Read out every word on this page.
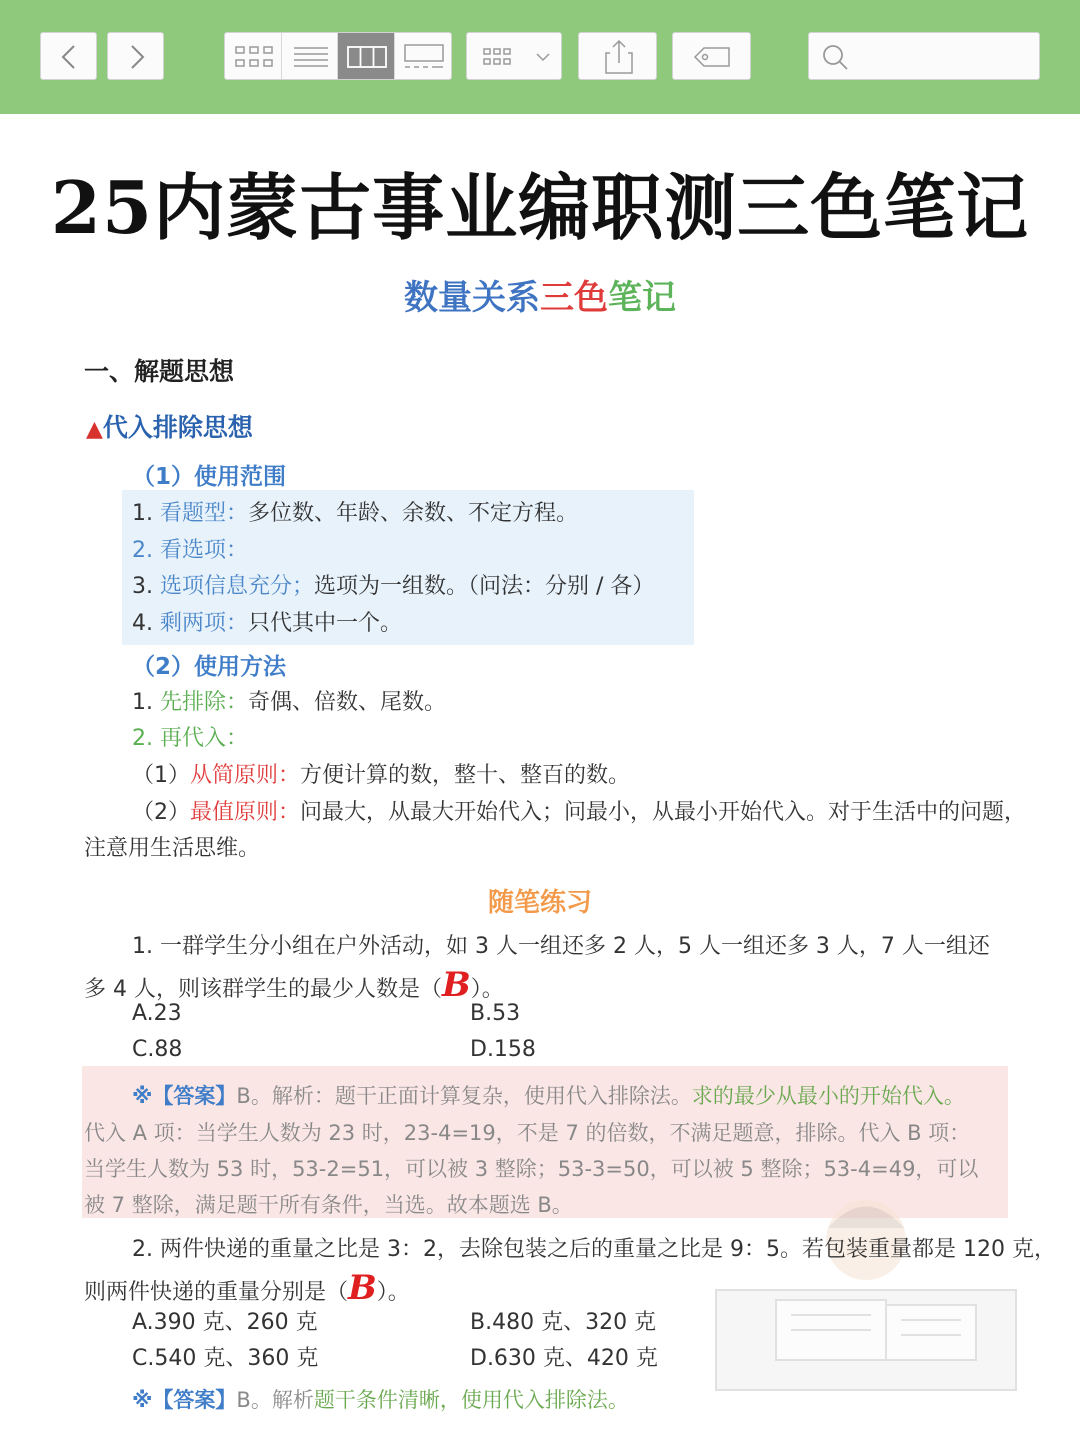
25内蒙古事业编职测三色笔记
数量关系三色笔记
一、解题思想
▲代入排除思想
（1）使用范围
1. 看题型：多位数、年龄、余数、不定方程。
2. 看选项：
3. 选项信息充分；选项为一组数。（问法：分别 / 各）
4. 剩两项：只代其中一个。
（2）使用方法
1. 先排除：奇偶、倍数、尾数。
2. 再代入：
（1）从简原则：方便计算的数，整十、整百的数。
（2）最值原则：问最大，从最大开始代入；问最小，从最小开始代入。对于生活中的问题，
注意用生活思维。
随笔练习
1. 一群学生分小组在户外活动，如 3 人一组还多 2 人，5 人一组还多 3 人，7 人一组还
多 4 人，则该群学生的最少人数是（B）。
A.23	B.53
C.88	D.158
※【答案】B。解析：题干正面计算复杂，使用代入排除法。求的最少从最小的开始代入。
代入 A 项：当学生人数为 23 时，23-4=19，不是 7 的倍数，不满足题意，排除。代入 B 项：
当学生人数为 53 时，53-2=51，可以被 3 整除；53-3=50，可以被 5 整除；53-4=49，可以
被 7 整除，满足题干所有条件，当选。故本题选 B。
2. 两件快递的重量之比是 3：2，去除包装之后的重量之比是 9：5。若包装重量都是 120 克，
则两件快递的重量分别是（B）。
A.390 克、260 克	B.480 克、320 克
C.540 克、360 克	D.630 克、420 克
※【答案】B。解析题干条件清晰，使用代入排除法。
